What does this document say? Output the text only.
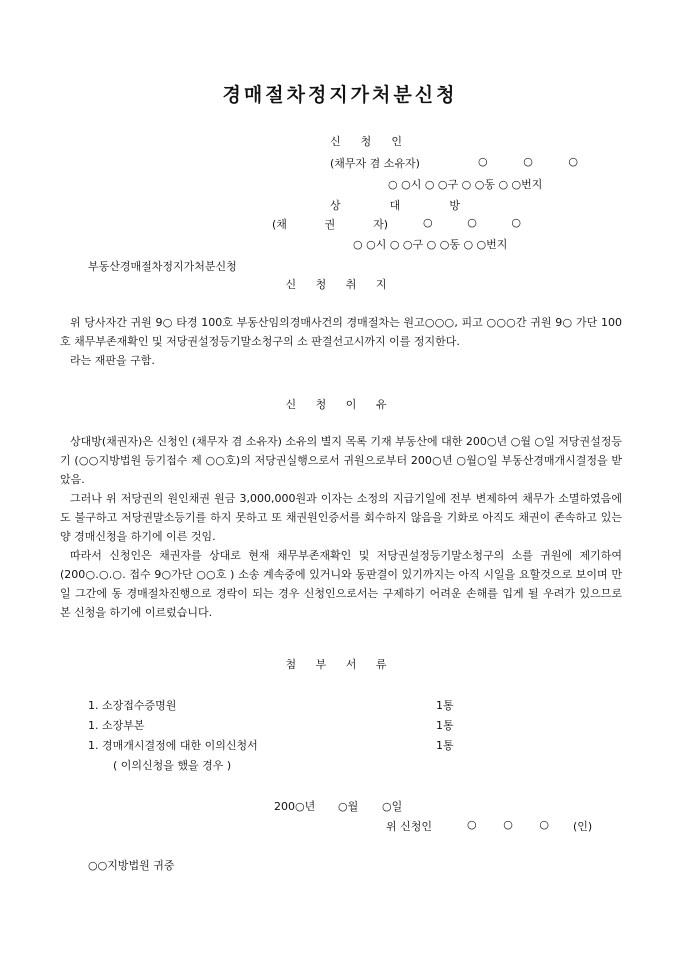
경매절차정지가처분신청
신 청 인
(채무자 겸 소유자)	○	○	○
○ ○시 ○ ○구 ○ ○동 ○ ○번지
상	대	방
(채	권	자)	○	○	○
○ ○시 ○ ○구 ○ ○동 ○ ○번지
부동산경매절차정지가처분신청
신 청 취 지

위 당사자간 귀원 9○ 타경 100호 부동산임의경매사건의 경매절차는 원고○○○, 피고 ○○○간 귀원 9○ 가단 100호 채무부존재확인 및 저당권설정등기말소청구의 소 판결선고시까지 이를 정지한다.

라는 재판을 구함.

신 청 이 유

상대방(채권자)은 신청인 (채무자 겸 소유자) 소유의 별지 목록 기재 부동산에 대한 200○년 ○월 ○일 저당권설정등기 (○○지방법원 등기접수 제 ○○호)의 저당권실행으로서 귀원으로부터 200○년 ○월○일 부동산경매개시결정을 받았음.

그러나 위 저당권의 원인채권 원금 3,000,000원과 이자는 소정의 지급기일에 전부 변제하여 채무가 소멸하였음에도 불구하고 저당권말소등기를 하지 못하고 또 채권원인증서를 회수하지 않음을 기화로 아직도 채권이 존속하고 있는 양 경매신청을 하기에 이른 것임.

따라서 신청인은 채권자를 상대로 현재 채무부존재확인 및 저당권설정등기말소청구의 소를 귀원에 제기하여 (200○.○.○. 접수 9○가단 ○○호 ) 소송 계속중에 있거니와 동판결이 있기까지는 아직 시일을 요할것으로 보이며 만일 그간에 동 경매절차진행으로 경락이 되는 경우 신청인으로서는 구제하기 어려운 손해를 입게 될 우려가 있으므로 본 신청을 하기에 이르렀습니다.

첨 부 서 류
1. 소장접수증명원	1통
1. 소장부본	1통
1. 경매개시결정에 대한 이의신청서	1통
( 이의신청을 했을 경우 )
200○년 ○월 ○일
위 신청인	○ ○ ○ (인)
○○지방법원 귀중
